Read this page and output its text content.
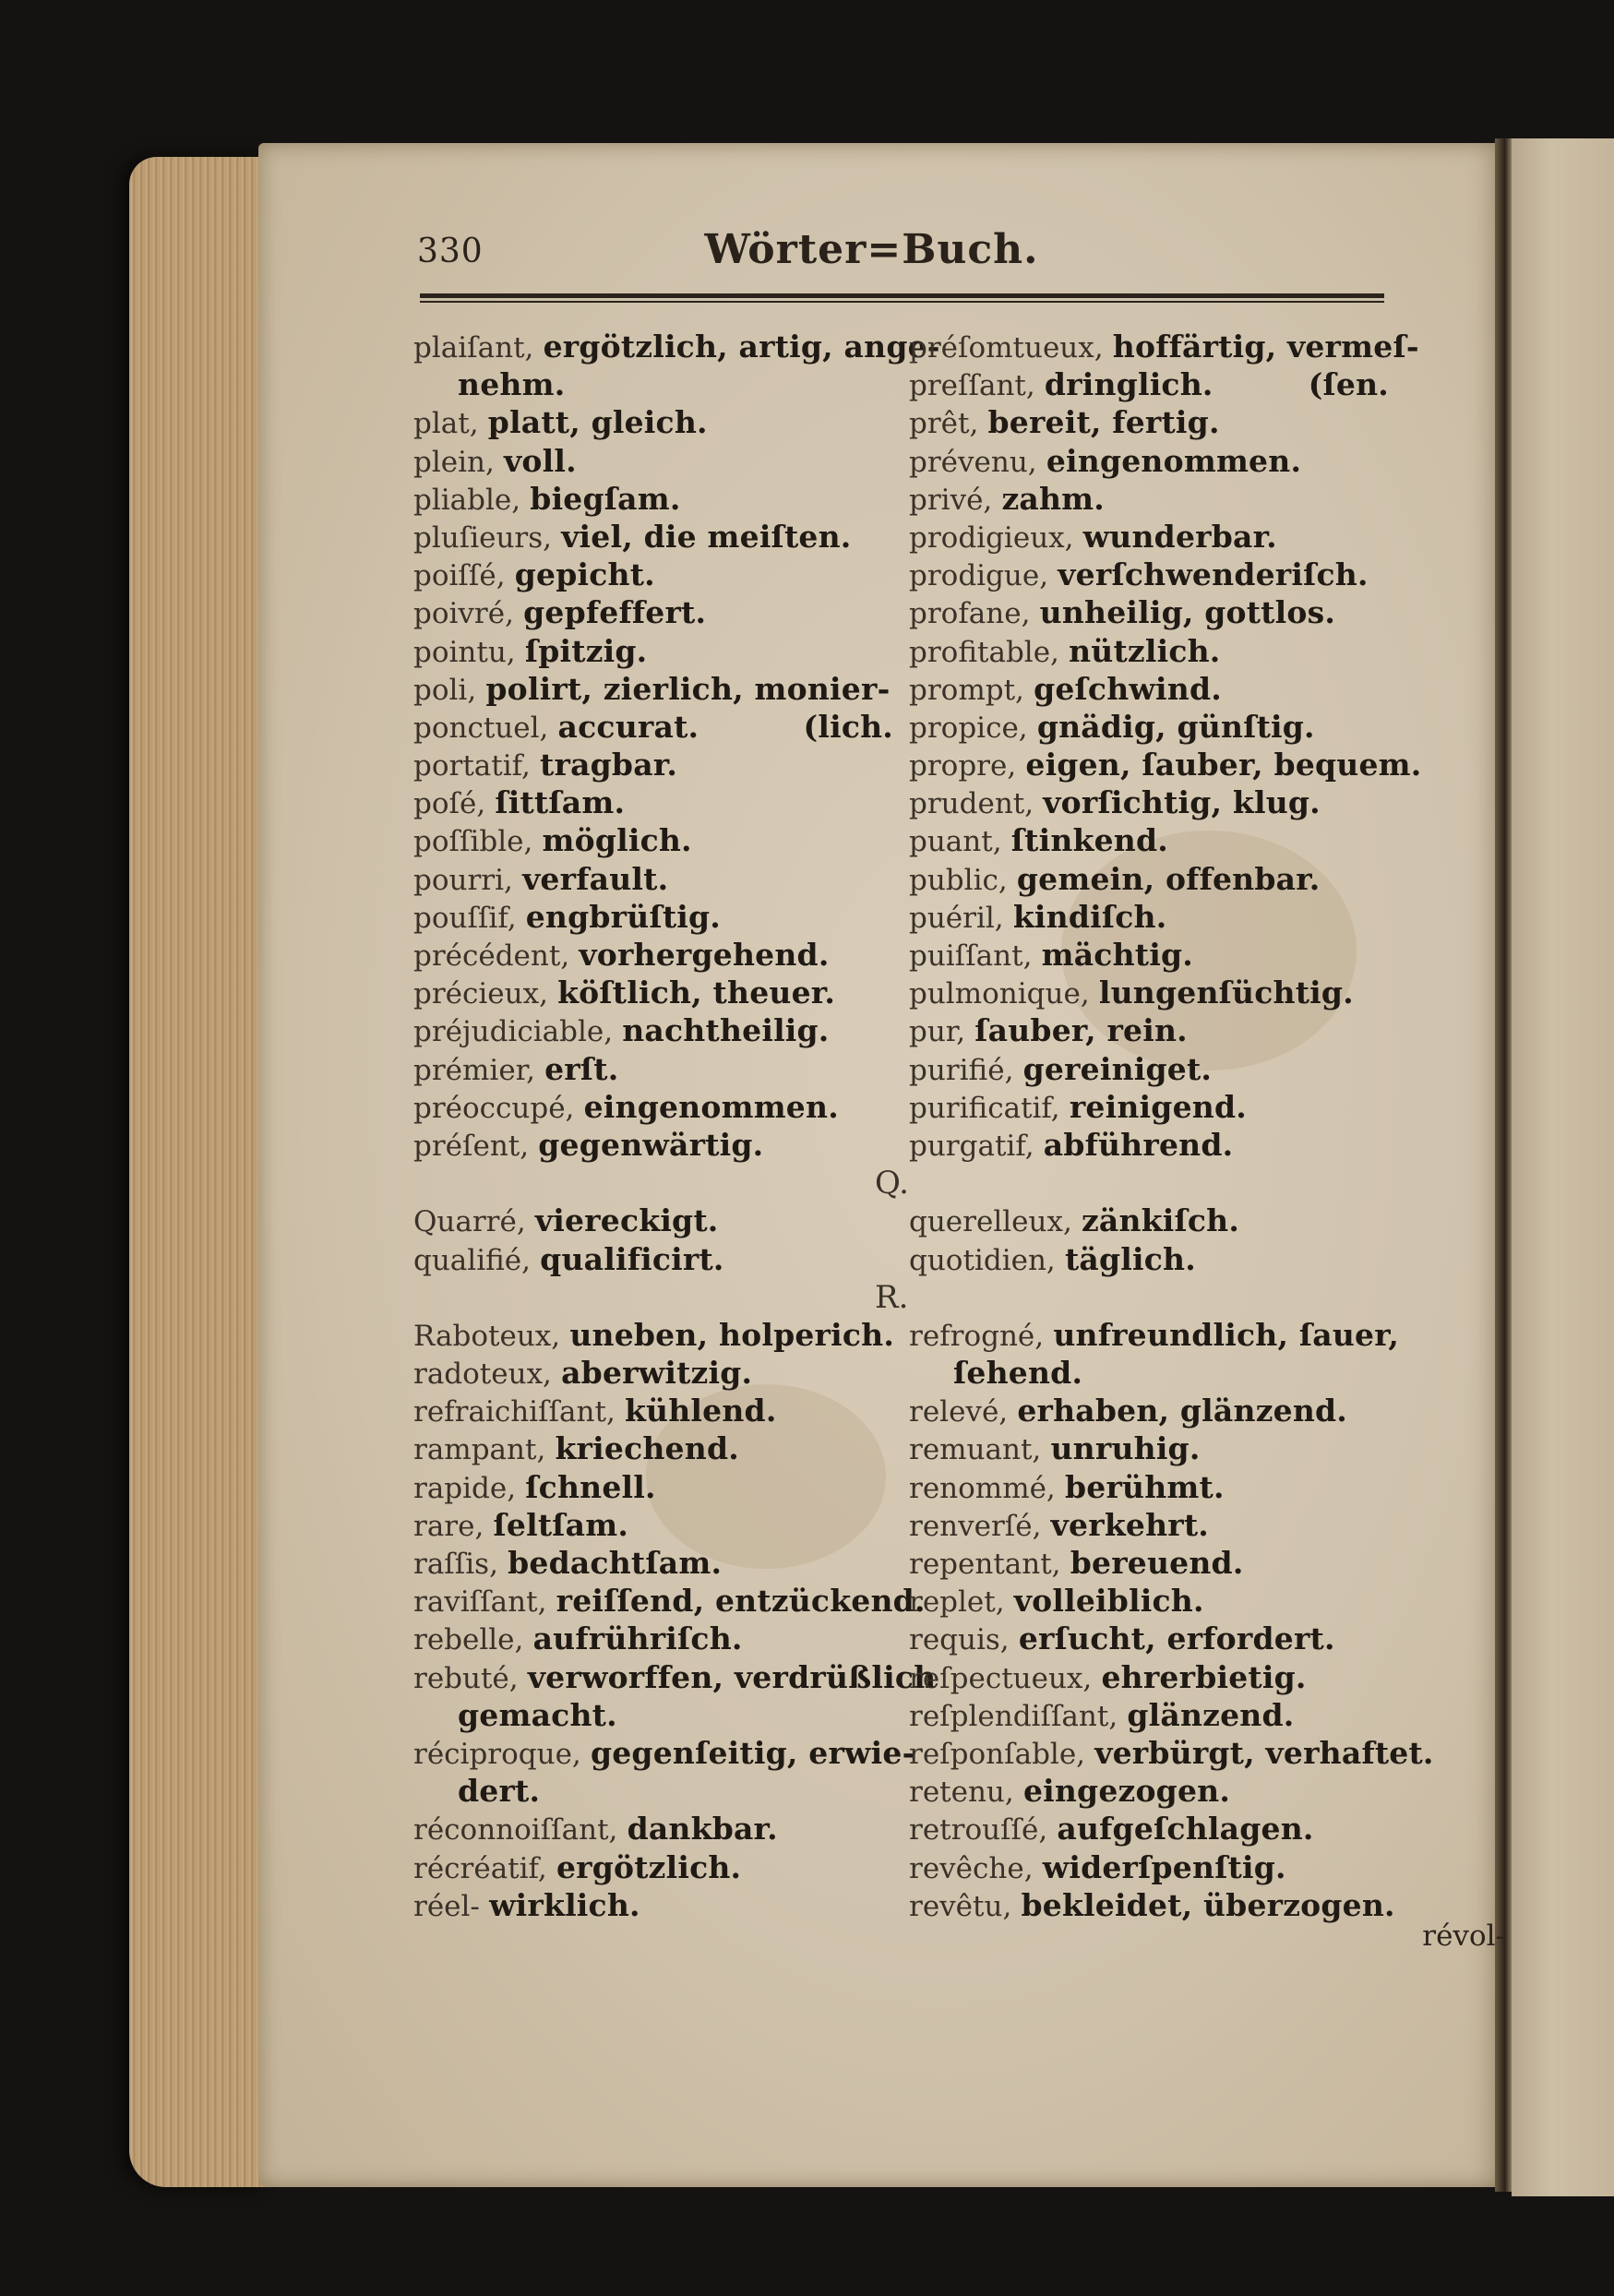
330	Wörter=Buch.
plaiſant, ergötzlich, artig, ange-
nehm.
plat, platt, gleich.
plein, voll.
pliable, biegſam.
pluſieurs, viel, die meiſten.
poiſſé, gepicht.
poivré, gepfeffert.
pointu, ſpitzig.
poli, polirt, zierlich, monier-
ponctuel, accurat.	(lich.
portatif, tragbar.
poſé, ſittſam.
poſſible, möglich.
pourri, verfault.
pouſſif, engbrüſtig.
précédent, vorhergehend.
précieux, köſtlich, theuer.
préjudiciable, nachtheilig.
prémier, erſt.
préoccupé, eingenommen.
préſent, gegenwärtig.
Quarré, viereckigt.
qualifié, qualificirt.
Raboteux, uneben, holperich.
radoteux, aberwitzig.
refraichiſſant, kühlend.
rampant, kriechend.
rapide, ſchnell.
rare, ſeltſam.
raſſis, bedachtſam.
raviſſant, reiſſend, entzückend.
rebelle, aufrühriſch.
rebuté, verworffen, verdrüßlich
gemacht.
réciproque, gegenſeitig, erwie-
dert.
réconnoiſſant, dankbar.
récréatif, ergötzlich.
réel- wirklich.
préſomtueux, hoffärtig, vermeſ-
preſſant, dringlich.	(ſen.
prêt, bereit, fertig.
prévenu, eingenommen.
privé, zahm.
prodigieux, wunderbar.
prodigue, verſchwenderiſch.
profane, unheilig, gottlos.
profitable, nützlich.
prompt, geſchwind.
propice, gnädig, günſtig.
propre, eigen, ſauber, bequem.
prudent, vorſichtig, klug.
puant, ſtinkend.
public, gemein, offenbar.
puéril, kindiſch.
puiſſant, mächtig.
pulmonique, lungenſüchtig.
pur, ſauber, rein.
purifié, gereiniget.
purificatif, reinigend.
purgatif, abführend.
querelleux, zänkiſch.
quotidien, täglich.
refrogné, unfreundlich, ſauer,
ſehend.
relevé, erhaben, glänzend.
remuant, unruhig.
renommé, berühmt.
renverſé, verkehrt.
repentant, bereuend.
replet, volleiblich.
requis, erſucht, erfordert.
reſpectueux, ehrerbietig.
reſplendiſſant, glänzend.
reſponſable, verbürgt, verhaftet.
retenu, eingezogen.
retrouſſé, aufgeſchlagen.
revêche, widerſpenſtig.
revêtu, bekleidet, überzogen.
Q.
R.
révol-
